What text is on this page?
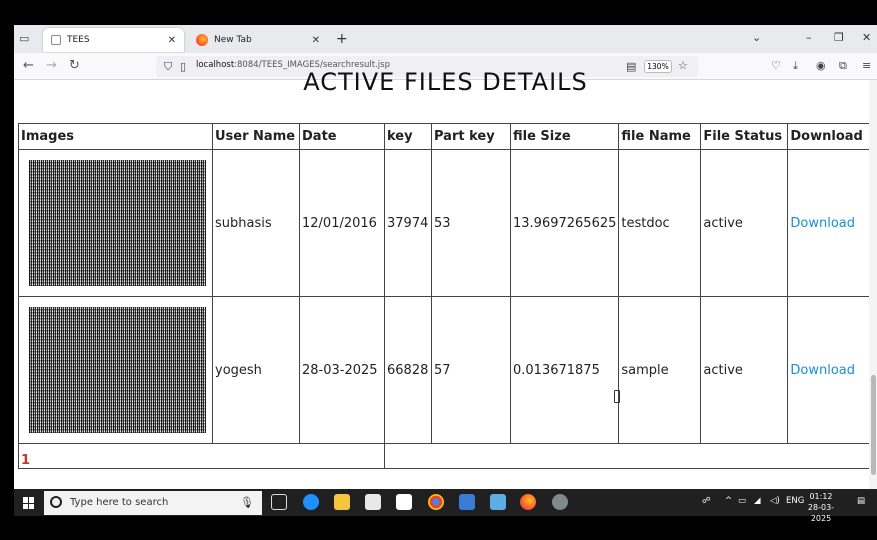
▭	TEES	✕	New Tab	✕ +	⌄	– ❐ ✕
← → ↻	⛉ ▯ localhost:8084/TEES_IMAGES/searchresult.jsp	▤	130% ☆	♡ ⤓ ◉ ⧉ ≡
ACTIVE FILES DETAILS
Images	User Name	Date	key	Part key	file Size	file Name	File Status	Download

	subhasis	12/01/2016	37974	53	13.9697265625	testdoc	active	Download

	yogesh	28-03-2025	66828	57	0.013671875	sample	active	Download
1								
Type here to search	🎙	☍ ^ ▭ ◢ ◁) ENG 01:12
28-03-2025
▤
